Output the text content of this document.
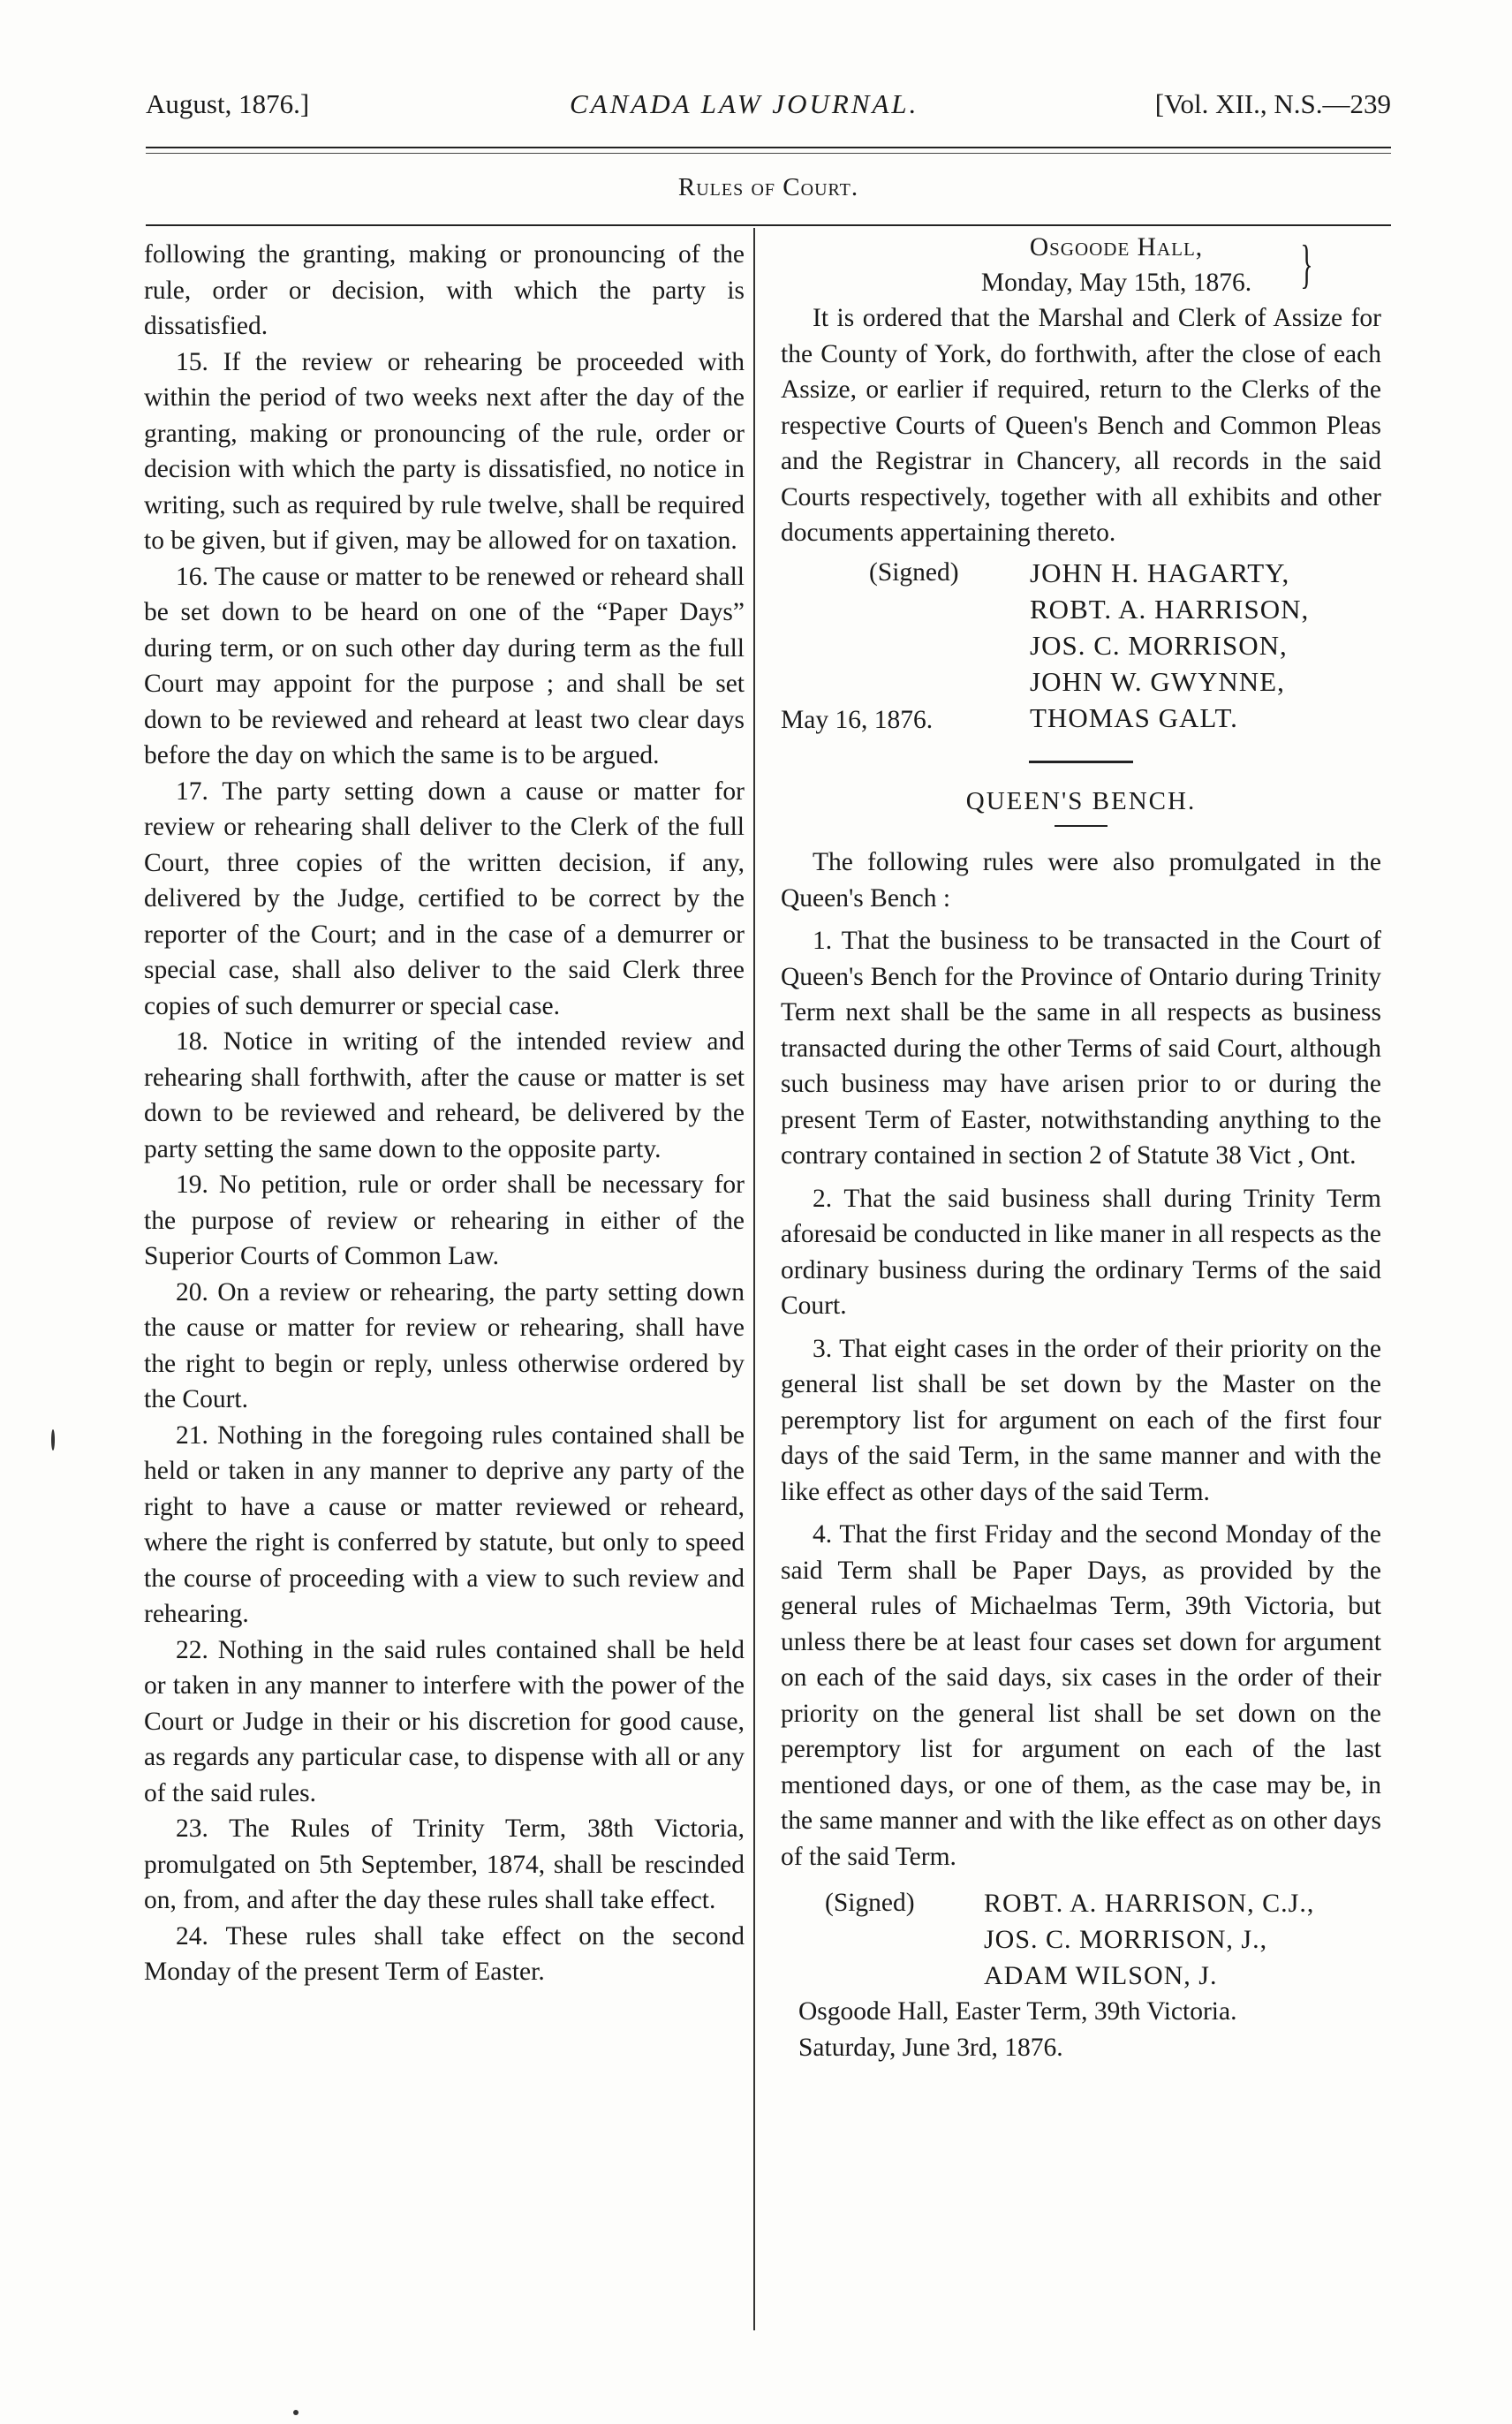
August, 1876.]	CANADA LAW JOURNAL.	[Vol. XII., N.S.—239
Rules of Court.

following the granting, making or pronouncing of the rule, order or decision, with which the party is dissatisfied.

15. If the review or rehearing be proceeded with within the period of two weeks next after the day of the granting, making or pronouncing of the rule, order or decision with which the party is dissatisfied, no notice in writing, such as required by rule twelve, shall be required to be given, but if given, may be allowed for on taxation.

16. The cause or matter to be renewed or reheard shall be set down to be heard on one of the “Paper Days” during term, or on such other day during term as the full Court may appoint for the purpose ; and shall be set down to be reviewed and reheard at least two clear days before the day on which the same is to be argued.

17. The party setting down a cause or matter for review or rehearing shall deliver to the Clerk of the full Court, three copies of the written decision, if any, delivered by the Judge, certified to be correct by the reporter of the Court; and in the case of a demurrer or special case, shall also deliver to the said Clerk three copies of such demurrer or special case.

18. Notice in writing of the intended review and rehearing shall forthwith, after the cause or matter is set down to be reviewed and reheard, be delivered by the party setting the same down to the opposite party.

19. No petition, rule or order shall be necessary for the purpose of review or rehearing in either of the Superior Courts of Common Law.

20. On a review or rehearing, the party setting down the cause or matter for review or rehearing, shall have the right to begin or reply, unless otherwise ordered by the Court.

21. Nothing in the foregoing rules contained shall be held or taken in any manner to deprive any party of the right to have a cause or matter reviewed or reheard, where the right is conferred by statute, but only to speed the course of proceeding with a view to such review and rehearing.

22. Nothing in the said rules contained shall be held or taken in any manner to interfere with the power of the Court or Judge in their or his discretion for good cause, as regards any particular case, to dispense with all or any of the said rules.

23. The Rules of Trinity Term, 38th Victoria, promulgated on 5th September, 1874, shall be rescinded on, from, and after the day these rules shall take effect.

24. These rules shall take effect on the second Monday of the present Term of Easter.

Osgoode Hall,
Monday, May 15th, 1876. }

It is ordered that the Marshal and Clerk of Assize for the County of York, do forthwith, after the close of each Assize, or earlier if required, return to the Clerks of the respective Courts of Queen's Bench and Common Pleas and the Registrar in Chancery, all records in the said Courts respectively, together with all exhibits and other documents appertaining thereto.

(Signed)	JOHN H. HAGARTY,
ROBT. A. HARRISON,
JOS. C. MORRISON,
JOHN W. GWYNNE,
THOMAS GALT.
May 16, 1876.
QUEEN'S BENCH.

The following rules were also promulgated in the Queen's Bench :

1. That the business to be transacted in the Court of Queen's Bench for the Province of Ontario during Trinity Term next shall be the same in all respects as business transacted during the other Terms of said Court, although such business may have arisen prior to or during the present Term of Easter, notwithstanding anything to the contrary contained in section 2 of Statute 38 Vict , Ont.

2. That the said business shall during Trinity Term aforesaid be conducted in like maner in all respects as the ordinary business during the ordinary Terms of the said Court.

3. That eight cases in the order of their priority on the general list shall be set down by the Master on the peremptory list for argument on each of the first four days of the said Term, in the same manner and with the like effect as other days of the said Term.

4. That the first Friday and the second Monday of the said Term shall be Paper Days, as provided by the general rules of Michaelmas Term, 39th Victoria, but unless there be at least four cases set down for argument on each of the said days, six cases in the order of their priority on the general list shall be set down on the peremptory list for argument on each of the last mentioned days, or one of them, as the case may be, in the same manner and with the like effect as on other days of the said Term.

(Signed)	ROBT. A. HARRISON, C.J.,
JOS. C. MORRISON, J.,
ADAM WILSON, J.
Osgoode Hall, Easter Term, 39th Victoria.
Saturday, June 3rd, 1876.
